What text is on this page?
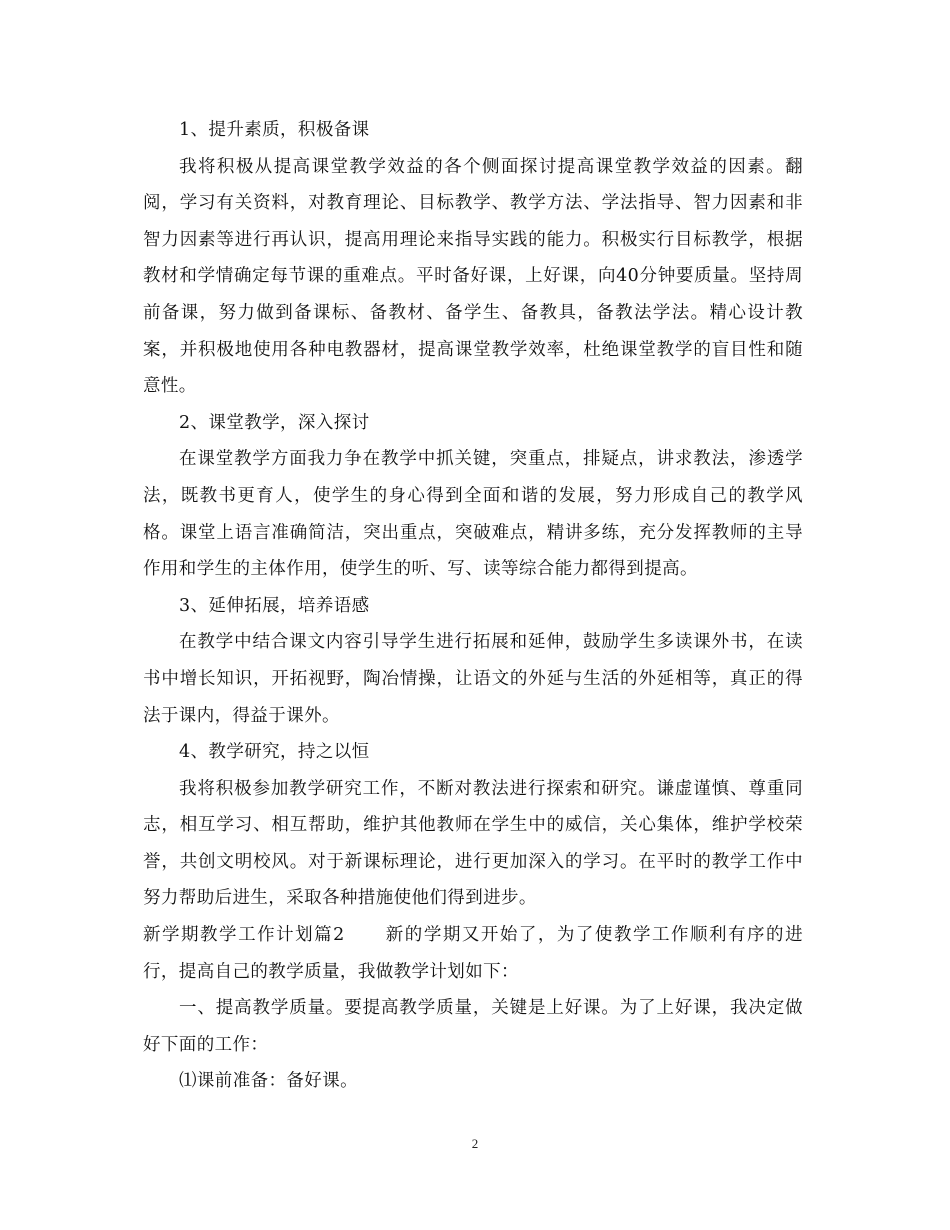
1、提升素质，积极备课

我将积极从提高课堂教学效益的各个侧面探讨提高课堂教学效益的因素。翻阅，学习有关资料，对教育理论、目标教学、教学方法、学法指导、智力因素和非智力因素等进行再认识，提高用理论来指导实践的能力。积极实行目标教学，根据教材和学情确定每节课的重难点。平时备好课，上好课，向40分钟要质量。坚持周前备课，努力做到备课标、备教材、备学生、备教具，备教法学法。精心设计教案，并积极地使用各种电教器材，提高课堂教学效率，杜绝课堂教学的盲目性和随意性。

2、课堂教学，深入探讨

在课堂教学方面我力争在教学中抓关键，突重点，排疑点，讲求教法，渗透学法，既教书更育人，使学生的身心得到全面和谐的发展，努力形成自己的教学风格。课堂上语言准确简洁，突出重点，突破难点，精讲多练，充分发挥教师的主导作用和学生的主体作用，使学生的听、写、读等综合能力都得到提高。

3、延伸拓展，培养语感

在教学中结合课文内容引导学生进行拓展和延伸，鼓励学生多读课外书，在读书中增长知识，开拓视野，陶冶情操，让语文的外延与生活的外延相等，真正的得法于课内，得益于课外。

4、教学研究，持之以恒

我将积极参加教学研究工作，不断对教法进行探索和研究。谦虚谨慎、尊重同志，相互学习、相互帮助，维护其他教师在学生中的威信，关心集体，维护学校荣誉，共创文明校风。对于新课标理论，进行更加深入的学习。在平时的教学工作中努力帮助后进生，采取各种措施使他们得到进步。

新学期教学工作计划篇2 新的学期又开始了，为了使教学工作顺利有序的进行，提高自己的教学质量，我做教学计划如下：

一、提高教学质量。要提高教学质量，关键是上好课。为了上好课，我决定做好下面的工作：

⑴课前准备：备好课。

2
